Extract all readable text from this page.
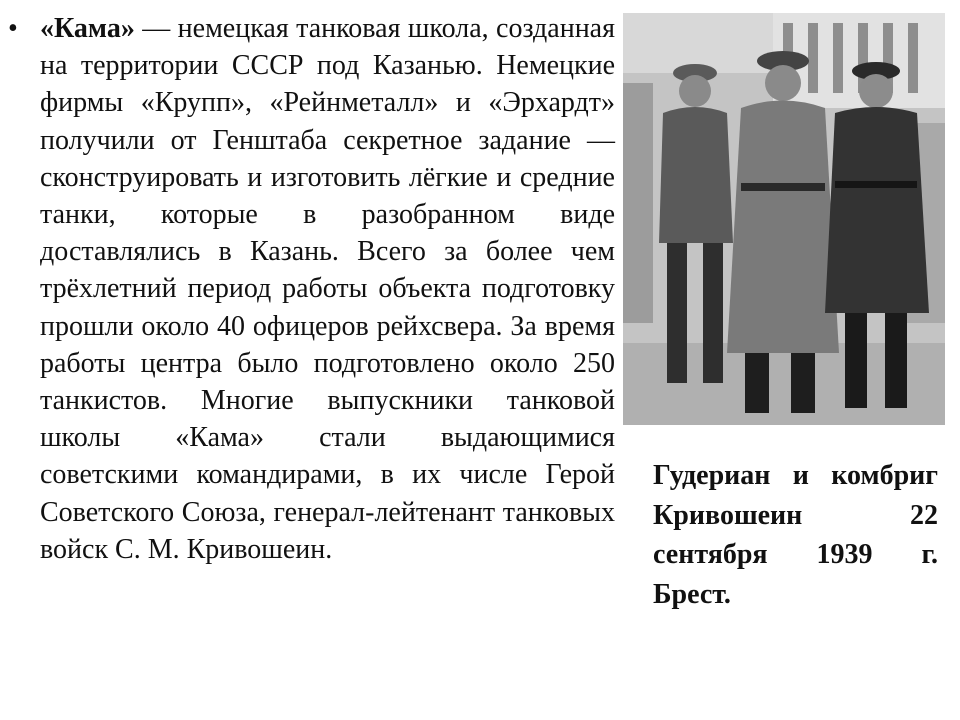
• «Кама» — немецкая танковая школа, созданная на территории СССР под Казанью. Немецкие фирмы «Крупп», «Рейнметалл» и «Эрхардт» получили от Генштаба секретное задание — сконструировать и изготовить лёгкие и средние танки, которые в разобранном виде доставлялись в Казань. Всего за более чем трёхлетний период работы объекта подготовку прошли около 40 офицеров рейхсвера. За время работы центра было подготовлено около 250 танкистов. Многие выпускники танковой школы «Кама» стали выдающимися советскими командирами, в их числе Герой Советского Союза, генерал-лейтенант танковых войск С. М. Кривошеин.
Гудериан и комбриг Кривошеин 22 сентября 1939 г. Брест.
